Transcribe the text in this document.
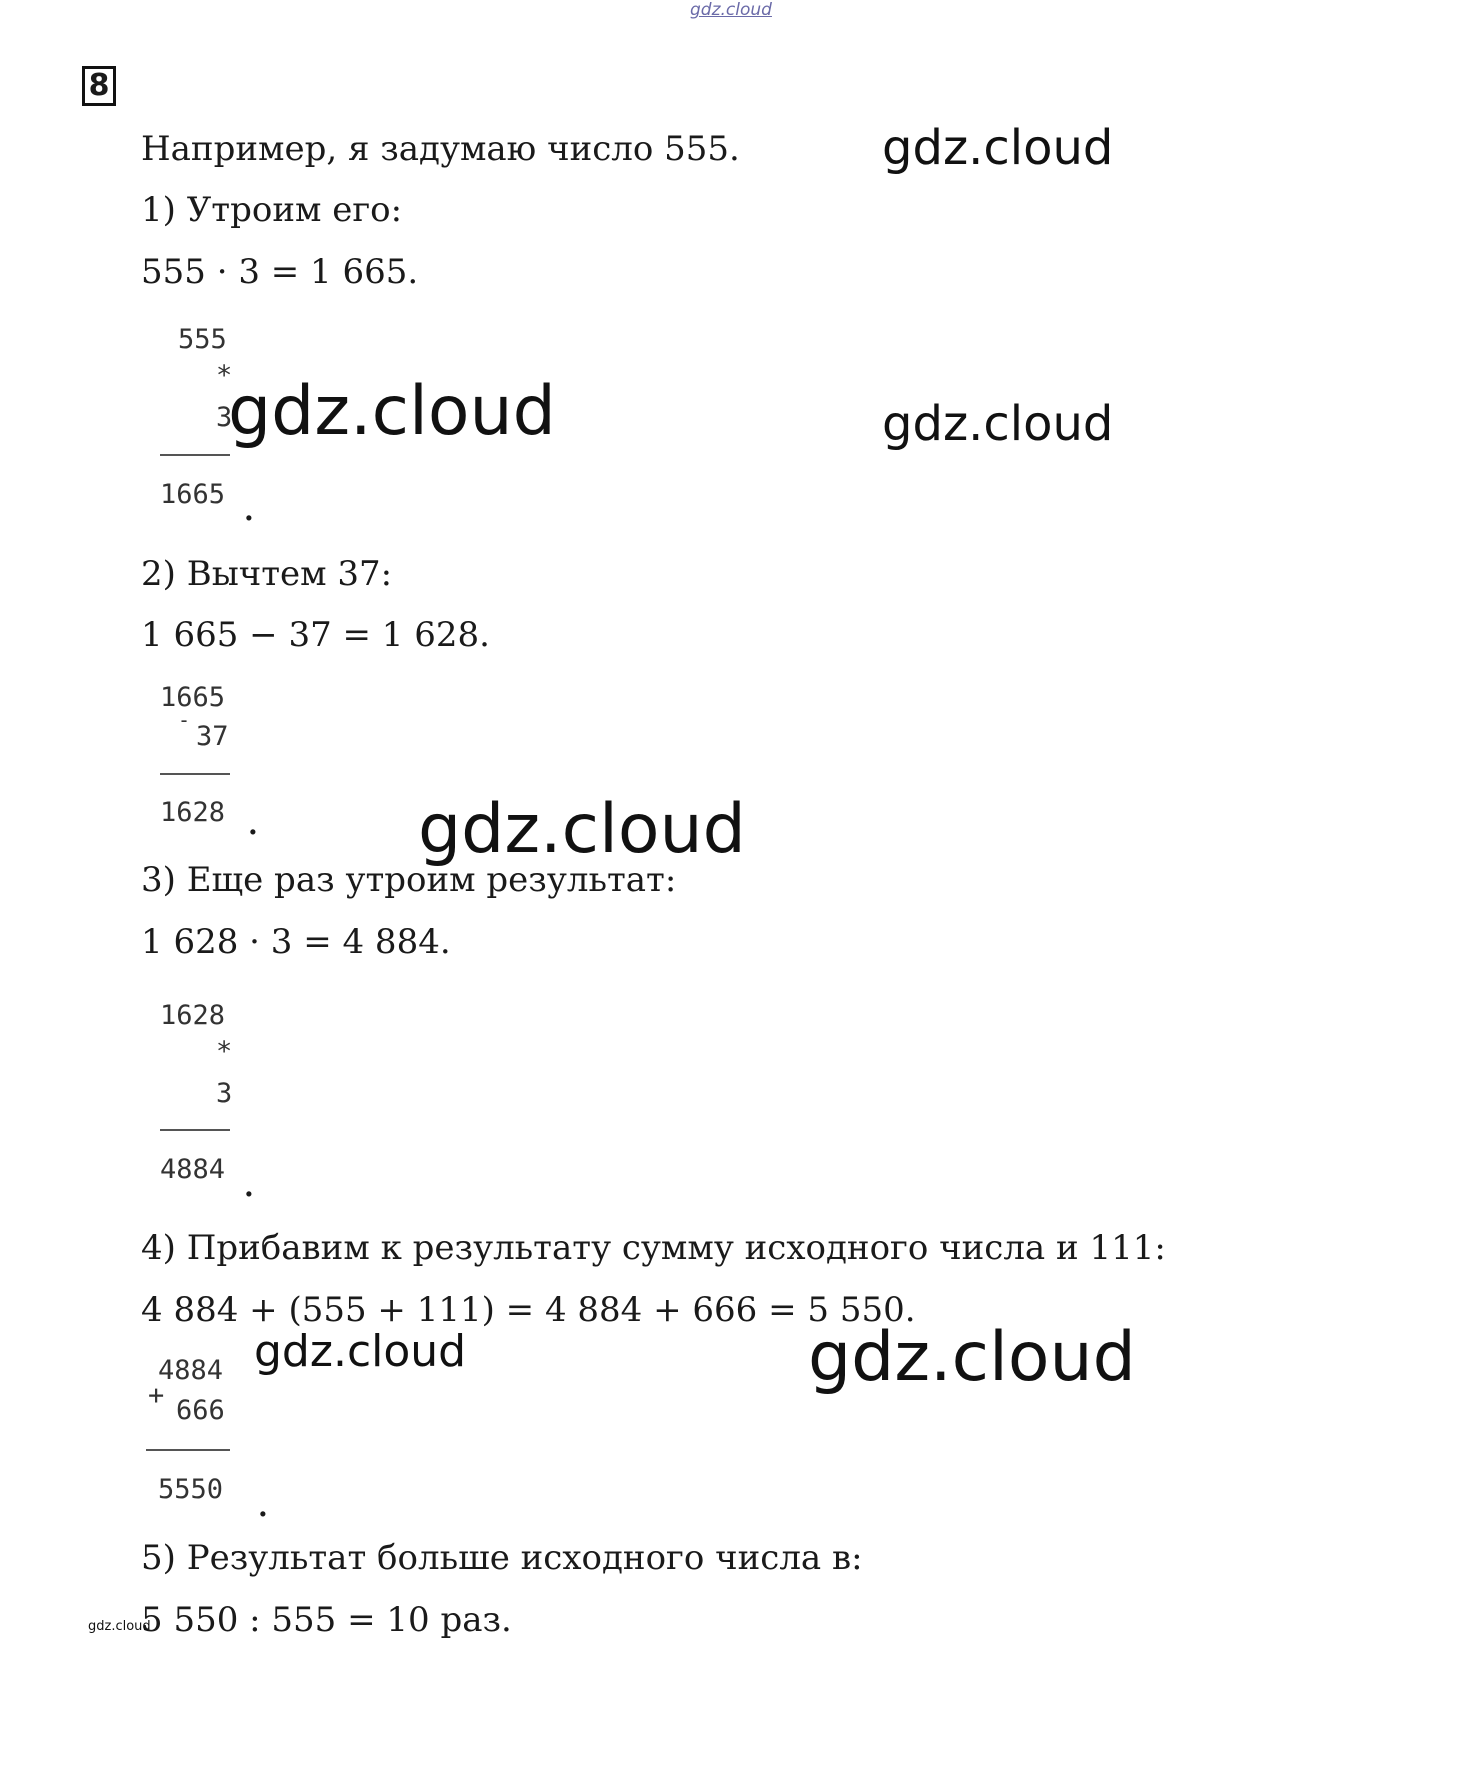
gdz.cloud
8
Например, я задумаю число 555.	gdz.cloud
1) Утроим его:
555 · 3 = 1 665.
555
*
3
1665 .
gdz.cloud	gdz.cloud
2) Вычтем 37:
1 665 − 37 = 1 628.
1665
-
37
1628 . gdz.cloud
3) Еще раз утроим результат:
1 628 · 3 = 4 884.
1628
*
3
4884
.
4) Прибавим к результату сумму исходного числа и 111:
4 884 + (555 + 111) = 4 884 + 666 = 5 550.
4884
+ 666
5550
.
gdz.cloud	gdz.cloud
5) Результат больше исходного числа в:
5 550 : 555 = 10 раз.
gdz.cloud
